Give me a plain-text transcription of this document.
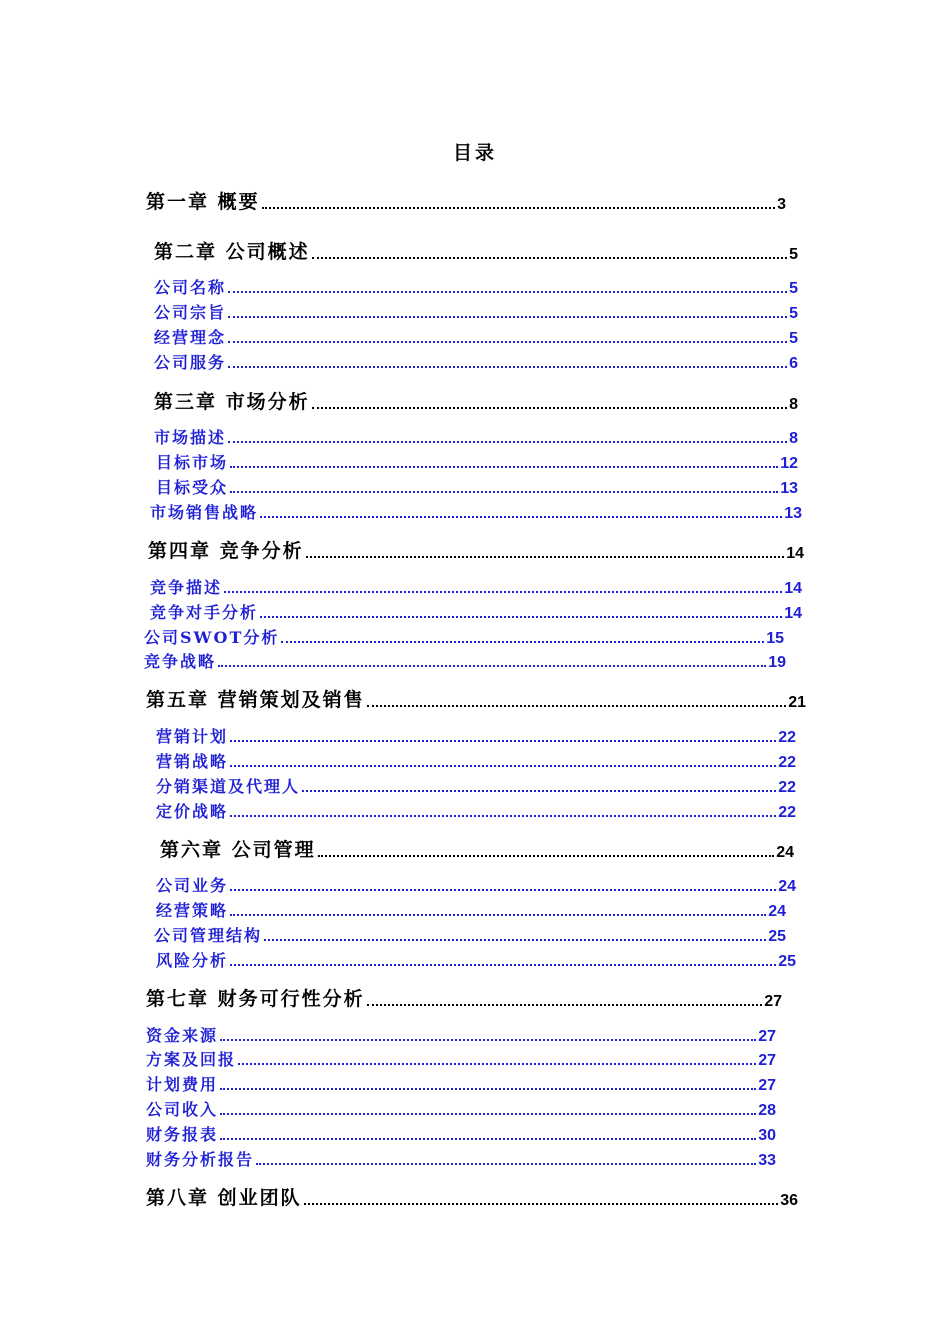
目录
第一章 概要	3
第二章 公司概述	5
公司名称	5
公司宗旨	5
经营理念	5
公司服务	6
第三章 市场分析	8
市场描述	8
目标市场	12
目标受众	13
市场销售战略	13
第四章 竞争分析	14
竞争描述	14
竞争对手分析	14
公司SWOT分析	15
竞争战略	19
第五章 营销策划及销售	21
营销计划	22
营销战略	22
分销渠道及代理人	22
定价战略	22
第六章 公司管理	24
公司业务	24
经营策略	24
公司管理结构	25
风险分析	25
第七章 财务可行性分析	27
资金来源	27
方案及回报	27
计划费用	27
公司收入	28
财务报表	30
财务分析报告	33
第八章 创业团队	36
